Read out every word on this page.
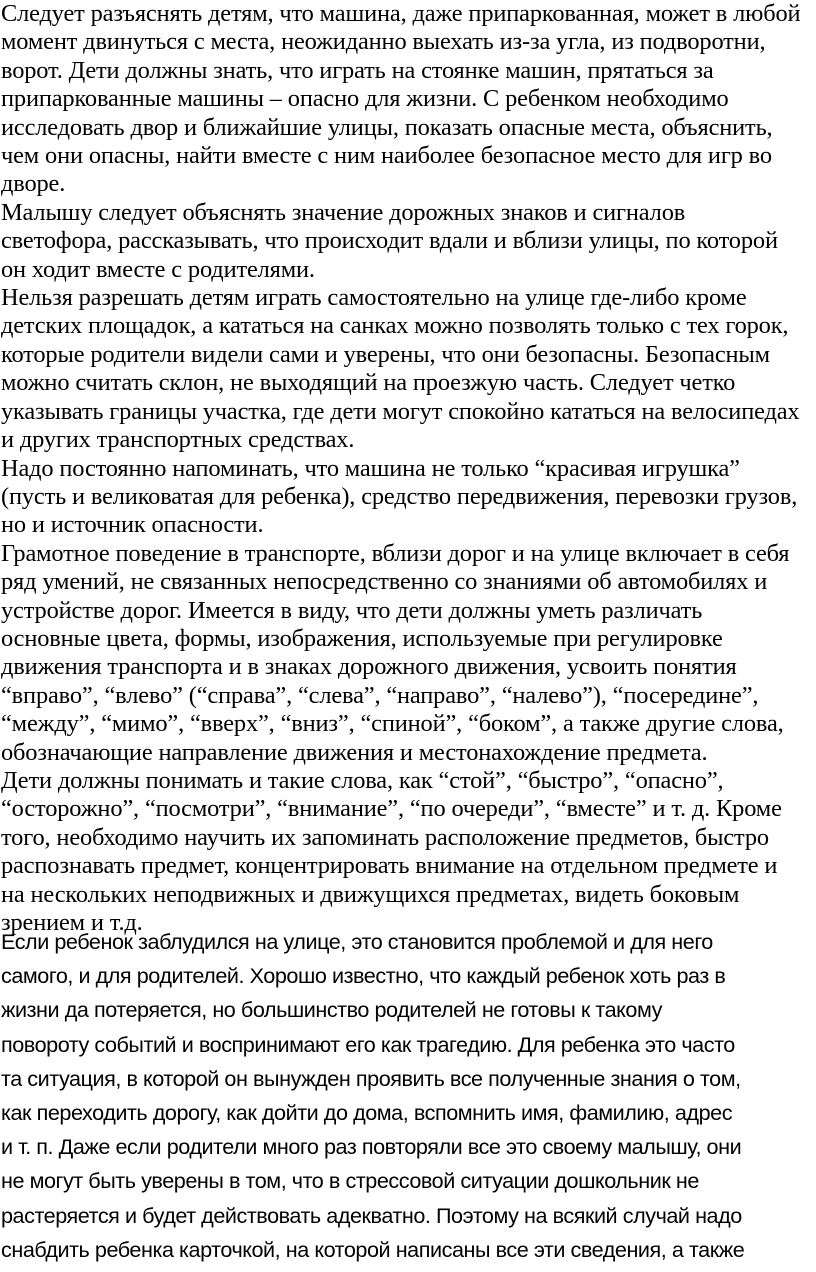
Следует разъяснять детям, что машина, даже припаркованная, может в любой
момент двинуться с места, неожиданно выехать из-за угла, из подворотни,
ворот. Дети должны знать, что играть на стоянке машин, прятаться за
припаркованные машины – опасно для жизни. С ребенком необходимо
исследовать двор и ближайшие улицы, показать опасные места, объяснить,
чем они опасны, найти вместе с ним наиболее безопасное место для игр во
дворе.
Малышу следует объяснять значение дорожных знаков и сигналов
светофора, рассказывать, что происходит вдали и вблизи улицы, по которой
он ходит вместе с родителями.
Нельзя разрешать детям играть самостоятельно на улице где-либо кроме
детских площадок, а кататься на санках можно позволять только с тех горок,
которые родители видели сами и уверены, что они безопасны. Безопасным
можно считать склон, не выходящий на проезжую часть. Следует четко
указывать границы участка, где дети могут спокойно кататься на велосипедах
и других транспортных средствах.
Надо постоянно напоминать, что машина не только “красивая игрушка”
(пусть и великоватая для ребенка), средство передвижения, перевозки грузов,
но и источник опасности.
Грамотное поведение в транспорте, вблизи дорог и на улице включает в себя
ряд умений, не связанных непосредственно со знаниями об автомобилях и
устройстве дорог. Имеется в виду, что дети должны уметь различать
основные цвета, формы, изображения, используемые при регулировке
движения транспорта и в знаках дорожного движения, усвоить понятия
“вправо”, “влево” (“справа”, “слева”, “направо”, “налево”), “посередине”,
“между”, “мимо”, “вверх”, “вниз”, “спиной”, “боком”, а также другие слова,
обозначающие направление движения и местонахождение предмета.
Дети должны понимать и такие слова, как “стой”, “быстро”, “опасно”,
“осторожно”, “посмотри”, “внимание”, “по очереди”, “вместе” и т. д. Кроме
того, необходимо научить их запоминать расположение предметов, быстро
распознавать предмет, концентрировать внимание на отдельном предмете и
на нескольких неподвижных и движущихся предметах, видеть боковым
зрением и т.д.
Если ребенок заблудился на улице, это становится проблемой и для него
самого, и для родителей. Хорошо известно, что каждый ребенок хоть раз в
жизни да потеряется, но большинство родителей не готовы к такому
повороту событий и воспринимают его как трагедию. Для ребенка это часто
та ситуация, в которой он вынужден проявить все полученные знания о том,
как переходить дорогу, как дойти до дома, вспомнить имя, фамилию, адрес
и т. п. Даже если родители много раз повторяли все это своему малышу, они
не могут быть уверены в том, что в стрессовой ситуации дошкольник не
растеряется и будет действовать адекватно. Поэтому на всякий случай надо
снабдить ребенка карточкой, на которой написаны все эти сведения, а также
